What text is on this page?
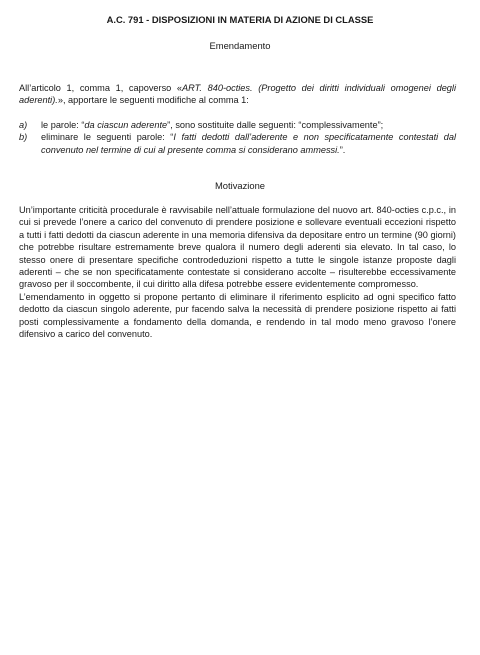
A.C. 791 - DISPOSIZIONI IN MATERIA DI AZIONE DI CLASSE
Emendamento
All’articolo 1, comma 1, capoverso «ART. 840-octies. (Progetto dei diritti individuali omogenei degli aderenti).», apportare le seguenti modifiche al comma 1:
a) le parole: “da ciascun aderente”, sono sostituite dalle seguenti: “complessivamente”;
b) eliminare le seguenti parole: “I fatti dedotti dall’aderente e non specificatamente contestati dal convenuto nel termine di cui al presente comma si considerano ammessi.”.
Motivazione

Un’importante criticità procedurale è ravvisabile nell’attuale formulazione del nuovo art. 840-octies c.p.c., in cui si prevede l’onere a carico del convenuto di prendere posizione e sollevare eventuali eccezioni rispetto a tutti i fatti dedotti da ciascun aderente in una memoria difensiva da depositare entro un termine (90 giorni) che potrebbe risultare estremamente breve qualora il numero degli aderenti sia elevato. In tal caso, lo stesso onere di presentare specifiche controdeduzioni rispetto a tutte le singole istanze proposte dagli aderenti – che se non specificatamente contestate si considerano accolte – risulterebbe eccessivamente gravoso per il soccombente, il cui diritto alla difesa potrebbe essere evidentemente compromesso.

L’emendamento in oggetto si propone pertanto di eliminare il riferimento esplicito ad ogni specifico fatto dedotto da ciascun singolo aderente, pur facendo salva la necessità di prendere posizione rispetto ai fatti posti complessivamente a fondamento della domanda, e rendendo in tal modo meno gravoso l’onere difensivo a carico del convenuto.
